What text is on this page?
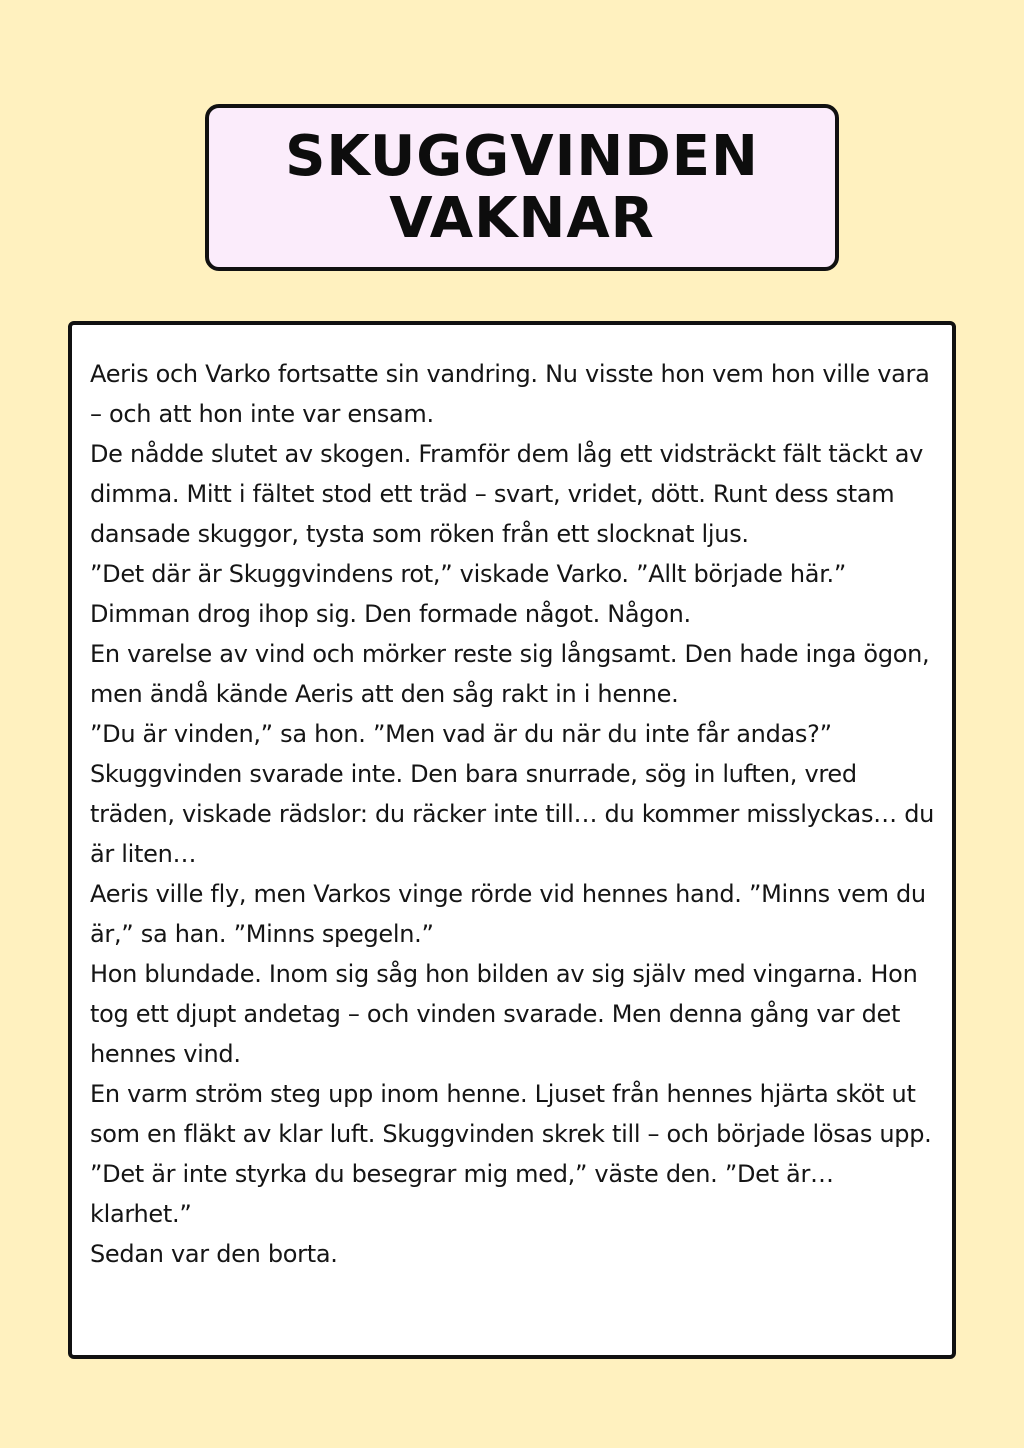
SKUGGVINDEN
VAKNAR

Aeris och Varko fortsatte sin vandring. Nu visste hon vem hon ville vara – och att hon inte var ensam.

De nådde slutet av skogen. Framför dem låg ett vidsträckt fält täckt av dimma. Mitt i fältet stod ett träd – svart, vridet, dött. Runt dess stam dansade skuggor, tysta som röken från ett slocknat ljus.

”Det där är Skuggvindens rot,” viskade Varko. ”Allt började här.”

Dimman drog ihop sig. Den formade något. Någon.

En varelse av vind och mörker reste sig långsamt. Den hade inga ögon, men ändå kände Aeris att den såg rakt in i henne.

”Du är vinden,” sa hon. ”Men vad är du när du inte får andas?”

Skuggvinden svarade inte. Den bara snurrade, sög in luften, vred träden, viskade rädslor: du räcker inte till… du kommer misslyckas… du är liten…

Aeris ville fly, men Varkos vinge rörde vid hennes hand. ”Minns vem du är,” sa han. ”Minns spegeln.”

Hon blundade. Inom sig såg hon bilden av sig själv med vingarna. Hon tog ett djupt andetag – och vinden svarade. Men denna gång var det hennes vind.

En varm ström steg upp inom henne. Ljuset från hennes hjärta sköt ut som en fläkt av klar luft. Skuggvinden skrek till – och började lösas upp.

”Det är inte styrka du besegrar mig med,” väste den. ”Det är… klarhet.”

Sedan var den borta.
